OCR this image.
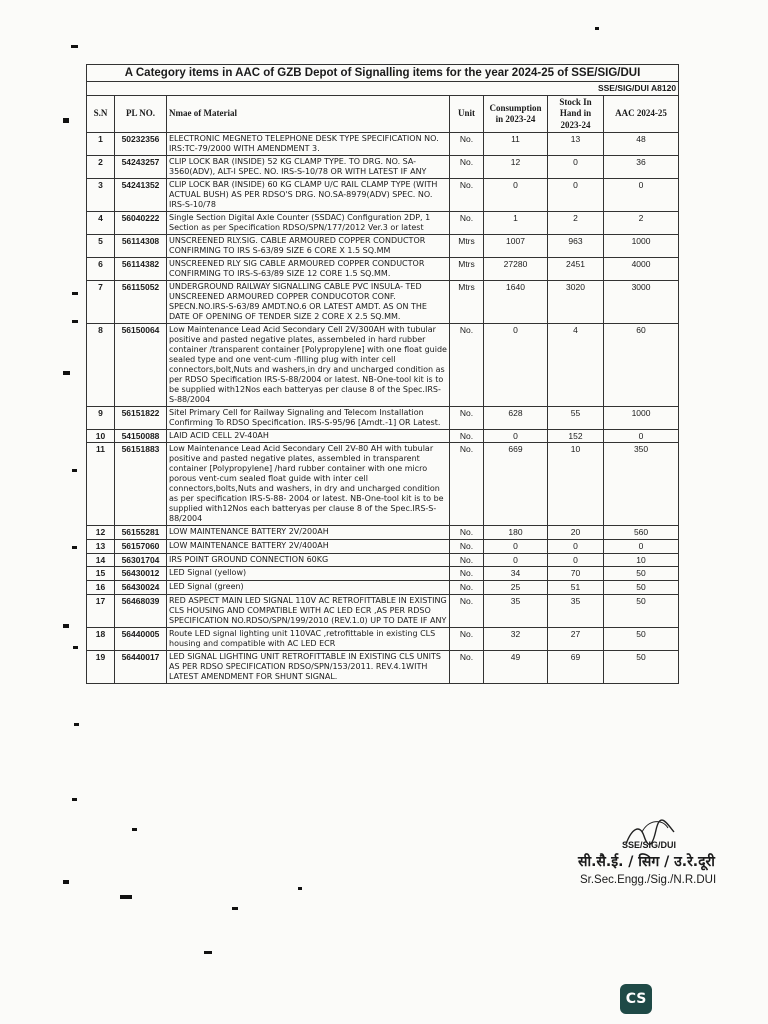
A Category items in AAC of GZB Depot of Signalling items for the year 2024-25 of SSE/SIG/DUI						
SSE/SIG/DUI A8120						
S.N	PL NO.	Nmae of Material	Unit	Consumption in 2023-24	Stock In Hand in 2023-24	AAC 2024-25
1	50232356	ELECTRONIC MEGNETO TELEPHONE DESK TYPE SPECIFICATION NO. IRS:TC-79/2000 WITH AMENDMENT 3.	No.	11	13	48
2	54243257	CLIP LOCK BAR (INSIDE) 52 KG CLAMP TYPE. TO DRG. NO. SA-3560(ADV), ALT-I SPEC. NO. IRS-S-10/78 OR WITH LATEST IF ANY	No.	12	0	36
3	54241352	CLIP LOCK BAR (INSIDE) 60 KG CLAMP U/C RAIL CLAMP TYPE (WITH ACTUAL BUSH) AS PER RDSO'S DRG. NO.SA-8979(ADV) SPEC. NO. IRS-S-10/78	No.	0	0	0
4	56040222	Single Section Digital Axle Counter (SSDAC) Configuration 2DP, 1 Section as per Specification RDSO/SPN/177/2012 Ver.3 or latest	No.	1	2	2
5	56114308	UNSCREENED RLY.SIG. CABLE ARMOURED COPPER CONDUCTOR CONFIRMING TO IRS S-63/89 SIZE 6 CORE X 1.5 SQ.MM	Mtrs	1007	963	1000
6	56114382	UNSCREENED RLY SIG CABLE ARMOURED COPPER CONDUCTOR CONFIRMING TO IRS-S-63/89 SIZE 12 CORE 1.5 SQ.MM.	Mtrs	27280	2451	4000
7	56115052	UNDERGROUND RAILWAY SIGNALLING CABLE PVC INSULA- TED UNSCREENED ARMOURED COPPER CONDUCOTOR CONF. SPECN.NO.IRS-S-63/89 AMDT.NO.6 OR LATEST AMDT. AS ON THE DATE OF OPENING OF TENDER SIZE 2 CORE X 2.5 SQ.MM.	Mtrs	1640	3020	3000
8	56150064	Low Maintenance Lead Acid Secondary Cell 2V/300AH with tubular positive and pasted negative plates, assembeled in hard rubber container /transparent container [Polypropylene] with one float guide sealed type and one vent-cum -filling plug with inter cell connectors,bolt,Nuts and washers,in dry and uncharged condition as per RDSO Specification IRS-S-88/2004 or latest. NB-One-tool kit is to be supplied with12Nos each batteryas per clause 8 of the Spec.IRS-S-88/2004	No.	0	4	60
9	56151822	Sitel Primary Cell for Railway Signaling and Telecom Installation Confirming To RDSO Specification. IRS-S-95/96 [Amdt.-1] OR Latest.	No.	628	55	1000
10	54150088	LAID ACID CELL 2V-40AH	No.	0	152	0
11	56151883	Low Maintenance Lead Acid Secondary Cell 2V-80 AH with tubular positive and pasted negative plates, assembled in transparent container [Polypropylene] /hard rubber container with one micro porous vent-cum sealed float guide with inter cell connectors,bolts,Nuts and washers, in dry and uncharged condition as per specification IRS-S-88- 2004 or latest. NB-One-tool kit is to be supplied with12Nos each batteryas per clause 8 of the Spec.IRS-S-88/2004	No.	669	10	350
12	56155281	LOW MAINTENANCE BATTERY 2V/200AH	No.	180	20	560
13	56157060	LOW MAINTENANCE BATTERY 2V/400AH	No.	0	0	0
14	56301704	IRS POINT GROUND CONNECTION 60KG	No.	0	0	10
15	56430012	LED Signal (yellow)	No.	34	70	50
16	56430024	LED Signal (green)	No.	25	51	50
17	56468039	RED ASPECT MAIN LED SIGNAL 110V AC RETROFITTABLE IN EXISTING CLS HOUSING AND COMPATIBLE WITH AC LED ECR ,AS PER RDSO SPECIFICATION NO.RDSO/SPN/199/2010 (REV.1.0) UP TO DATE IF ANY	No.	35	35	50
18	56440005	Route LED signal lighting unit 110VAC ,retrofittable in existing CLS housing and compatible with AC LED ECR	No.	32	27	50
19	56440017	LED SIGNAL LIGHTING UNIT RETROFITTABLE IN EXISTING CLS UNITS AS PER RDSO SPECIFICATION RDSO/SPN/153/2011. REV.4.1WITH LATEST AMENDMENT FOR SHUNT SIGNAL.	No.	49	69	50
SSE/SIG/DUI
सी.सै.ई. / सिग / उ.रे.दूरी
Sr.Sec.Engg./Sig./N.R.DUI
CS
